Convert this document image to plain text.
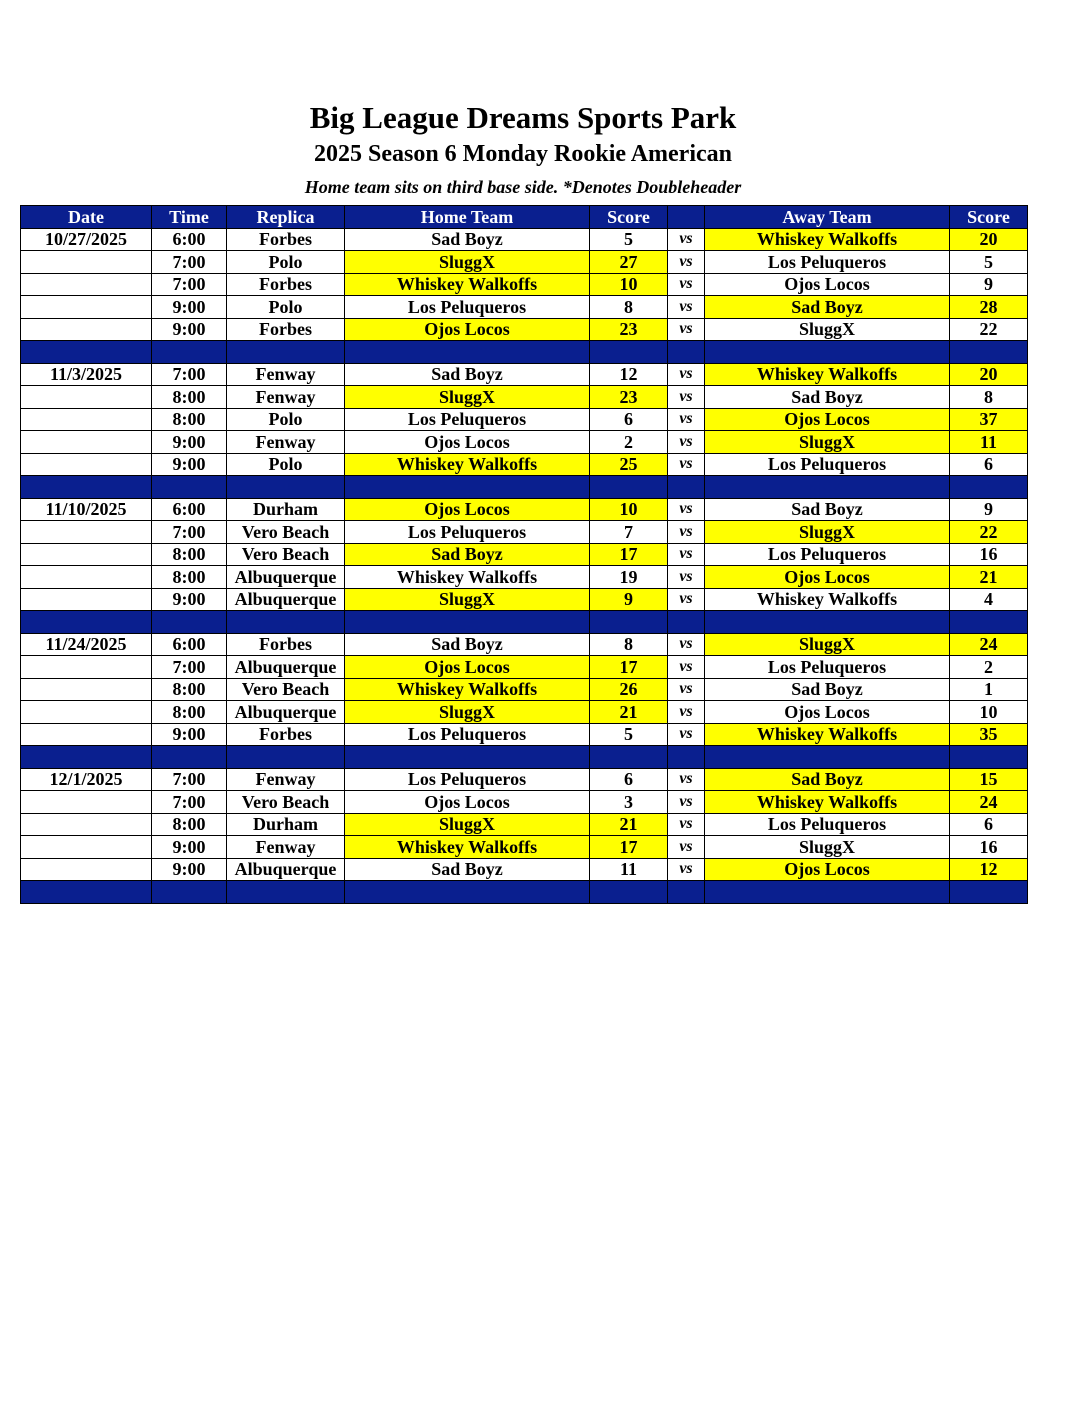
Big League Dreams Sports Park
2025 Season 6 Monday Rookie American
Home team sits on third base side. *Denotes Doubleheader
Date	Time	Replica	Home Team	Score		Away Team	Score
10/27/2025	6:00	Forbes	Sad Boyz	5	vs	Whiskey Walkoffs	20
	7:00	Polo	SluggX	27	vs	Los Peluqueros	5
	7:00	Forbes	Whiskey Walkoffs	10	vs	Ojos Locos	9
	9:00	Polo	Los Peluqueros	8	vs	Sad Boyz	28
	9:00	Forbes	Ojos Locos	23	vs	SluggX	22

11/3/2025	7:00	Fenway	Sad Boyz	12	vs	Whiskey Walkoffs	20
	8:00	Fenway	SluggX	23	vs	Sad Boyz	8
	8:00	Polo	Los Peluqueros	6	vs	Ojos Locos	37
	9:00	Fenway	Ojos Locos	2	vs	SluggX	11
	9:00	Polo	Whiskey Walkoffs	25	vs	Los Peluqueros	6

11/10/2025	6:00	Durham	Ojos Locos	10	vs	Sad Boyz	9
	7:00	Vero Beach	Los Peluqueros	7	vs	SluggX	22
	8:00	Vero Beach	Sad Boyz	17	vs	Los Peluqueros	16
	8:00	Albuquerque	Whiskey Walkoffs	19	vs	Ojos Locos	21
	9:00	Albuquerque	SluggX	9	vs	Whiskey Walkoffs	4

11/24/2025	6:00	Forbes	Sad Boyz	8	vs	SluggX	24
	7:00	Albuquerque	Ojos Locos	17	vs	Los Peluqueros	2
	8:00	Vero Beach	Whiskey Walkoffs	26	vs	Sad Boyz	1
	8:00	Albuquerque	SluggX	21	vs	Ojos Locos	10
	9:00	Forbes	Los Peluqueros	5	vs	Whiskey Walkoffs	35

12/1/2025	7:00	Fenway	Los Peluqueros	6	vs	Sad Boyz	15
	7:00	Vero Beach	Ojos Locos	3	vs	Whiskey Walkoffs	24
	8:00	Durham	SluggX	21	vs	Los Peluqueros	6
	9:00	Fenway	Whiskey Walkoffs	17	vs	SluggX	16
	9:00	Albuquerque	Sad Boyz	11	vs	Ojos Locos	12
